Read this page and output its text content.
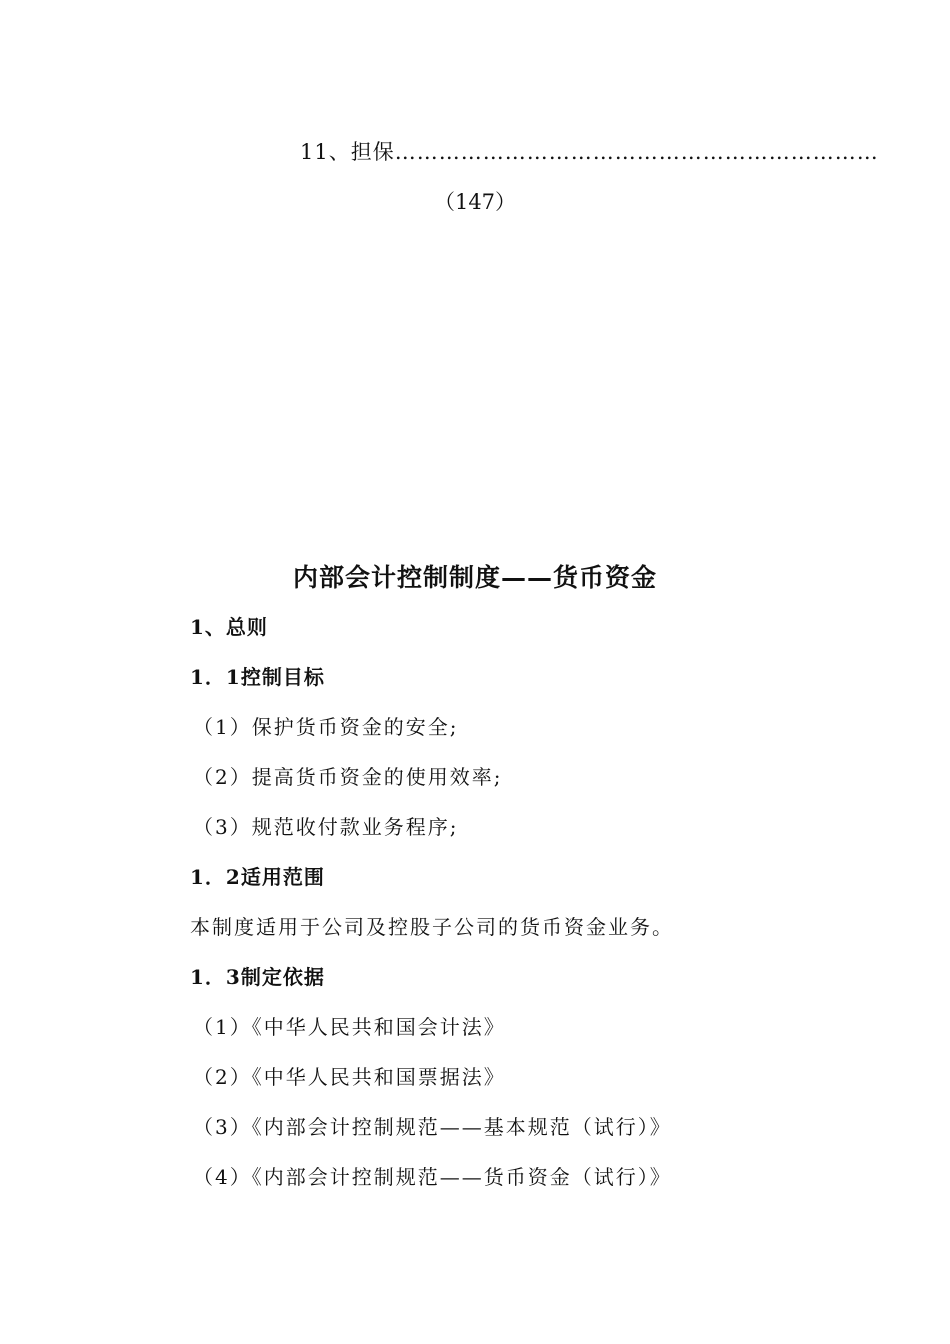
11、担保…………………………………………………………
（147）
内部会计控制制度——货币资金
1、总则
1．1控制目标
（1）保护货币资金的安全;
（2）提高货币资金的使用效率;
（3）规范收付款业务程序;
1．2适用范围
本制度适用于公司及控股子公司的货币资金业务。
1．3制定依据
（1）《中华人民共和国会计法》
（2）《中华人民共和国票据法》
（3）《内部会计控制规范——基本规范（试行）》
（4）《内部会计控制规范——货币资金（试行）》
